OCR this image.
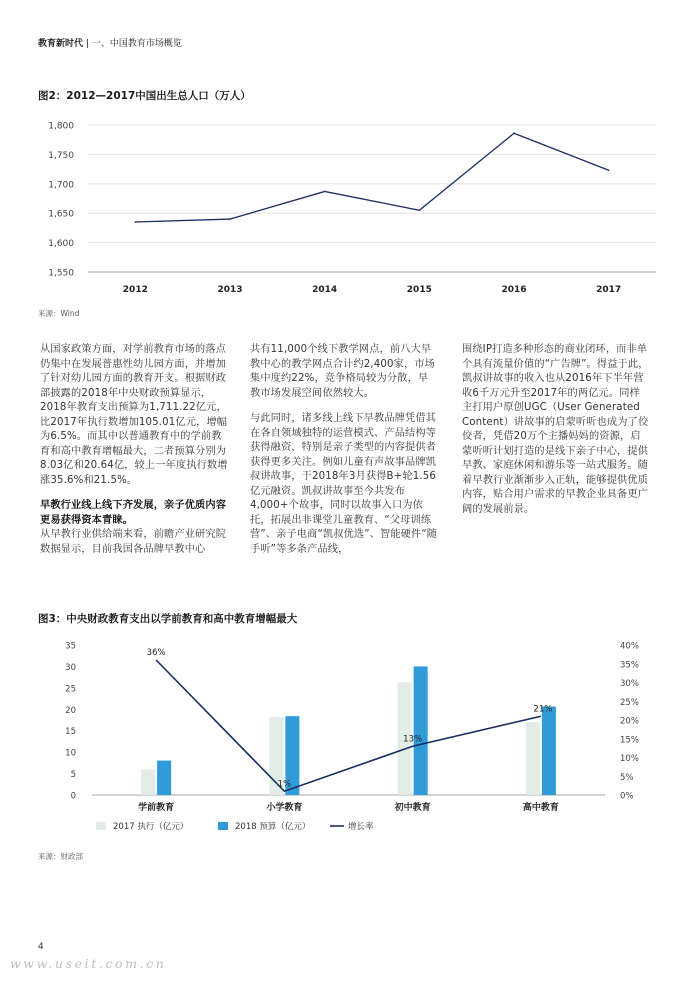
教育新时代 | 一、中国教育市场概览
图2：2012—2017中国出生总人口（万人）
1,550
1,600
1,650
1,700
1,750
1,800
2012	2013	2014	2015	2016	2017
来源：Wind

从国家政策方面，对学前教育市场的落点仍集中在发展普惠性幼儿园方面，并增加了针对幼儿园方面的教育开支。根据财政部披露的2018年中央财政预算显示，2018年教育支出预算为1,711.22亿元，比2017年执行数增加105.01亿元，增幅为6.5%。而其中以普通教育中的学前教育和高中教育增幅最大，二者预算分别为8.03亿和20.64亿，较上一年度执行数增涨35.6%和21.5%。

早教行业线上线下齐发展，亲子优质内容更易获得资本青睐。

从早教行业供给端来看，前瞻产业研究院数据显示，目前我国各品牌早教中心

共有11,000个线下教学网点，前八大早教中心的教学网点合计约2,400家，市场集中度约22%，竞争格局较为分散，早教市场发展空间依然较大。

与此同时，诸多线上线下早教品牌凭借其在各自领域独特的运营模式、产品结构等获得融资，特别是亲子类型的内容提供者获得更多关注。例如儿童有声故事品牌凯叔讲故事，于2018年3月获得B+轮1.56亿元融资。凯叔讲故事至今共发布4,000+个故事，同时以故事入口为依托，拓展出非课堂儿童教育、“父母训练营”、亲子电商“凯叔优选”、智能硬件“随手听”等多条产品线，

围绕IP打造多种形态的商业闭环，而非单个具有流量价值的“广告牌”。得益于此，凯叔讲故事的收入也从2016年下半年营收6千万元升至2017年的两亿元。同样主打用户原创UGC（User Generated Content）讲故事的启蒙听听也成为了佼佼者，凭借20万个主播妈妈的资源，启蒙听听计划打造的是线下亲子中心，提供早教、家庭休闲和游乐等一站式服务。随着早教行业渐渐步入正轨，能够提供优质内容，贴合用户需求的早教企业具备更广阔的发展前景。

图3：中央财政教育支出以学前教育和高中教育增幅最大
0
5
10
15
20
25
30
35
0%
5%
10%
15%
20%
25%
30%
35%
40%
学前教育	小学教育	初中教育	高中教育
36%
1%
13%
21%
2017 执行（亿元）	2018 预算（亿元）	增长率
来源：财政部
4
www.useit.com.cn
